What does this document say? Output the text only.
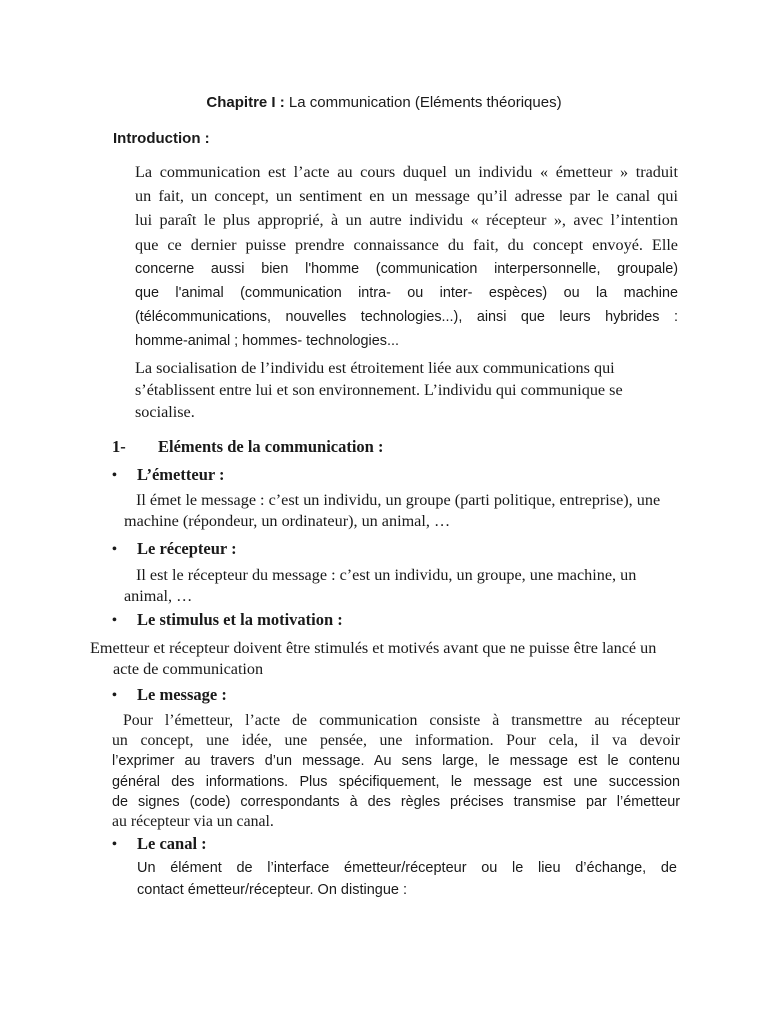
Chapitre I : La communication (Eléments théoriques)

Introduction :

La communication est l’acte au cours duquel un individu « émetteur » traduit
un fait, un concept, un sentiment en un message qu’il adresse par le canal qui
lui paraît le plus approprié, à un autre individu « récepteur », avec l’intention
que ce dernier puisse prendre connaissance du fait, du concept envoyé. Elle
concerne aussi bien l'homme (communication interpersonnelle, groupale)
que l'animal (communication intra- ou inter- espèces) ou la machine
(télécommunications, nouvelles technologies...), ainsi que leurs hybrides :
homme-animal ; hommes- technologies...

La socialisation de l’individu est étroitement liée aux communications qui s’établissent entre lui et son environnement. L’individu qui communique se socialise.

1- Eléments de la communication :

• L’émetteur :

Il émet le message : c’est un individu, un groupe (parti politique, entreprise), une machine (répondeur, un ordinateur), un animal, …

• Le récepteur :

Il est le récepteur du message : c’est un individu, un groupe, une machine, un animal, …

• Le stimulus et la motivation :

Emetteur et récepteur doivent être stimulés et motivés avant que ne puisse être lancé un acte de communication

• Le message :

Pour l’émetteur, l’acte de communication consiste à transmettre au récepteur
un concept, une idée, une pensée, une information. Pour cela, il va devoir
l’exprimer au travers d’un message. Au sens large, le message est le contenu
général des informations. Plus spécifiquement, le message est une succession
de signes (code) correspondants à des règles précises transmise par l’émetteur
au récepteur via un canal.

• Le canal :

Un élément de l’interface émetteur/récepteur ou le lieu d’échange, de
contact émetteur/récepteur. On distingue :
